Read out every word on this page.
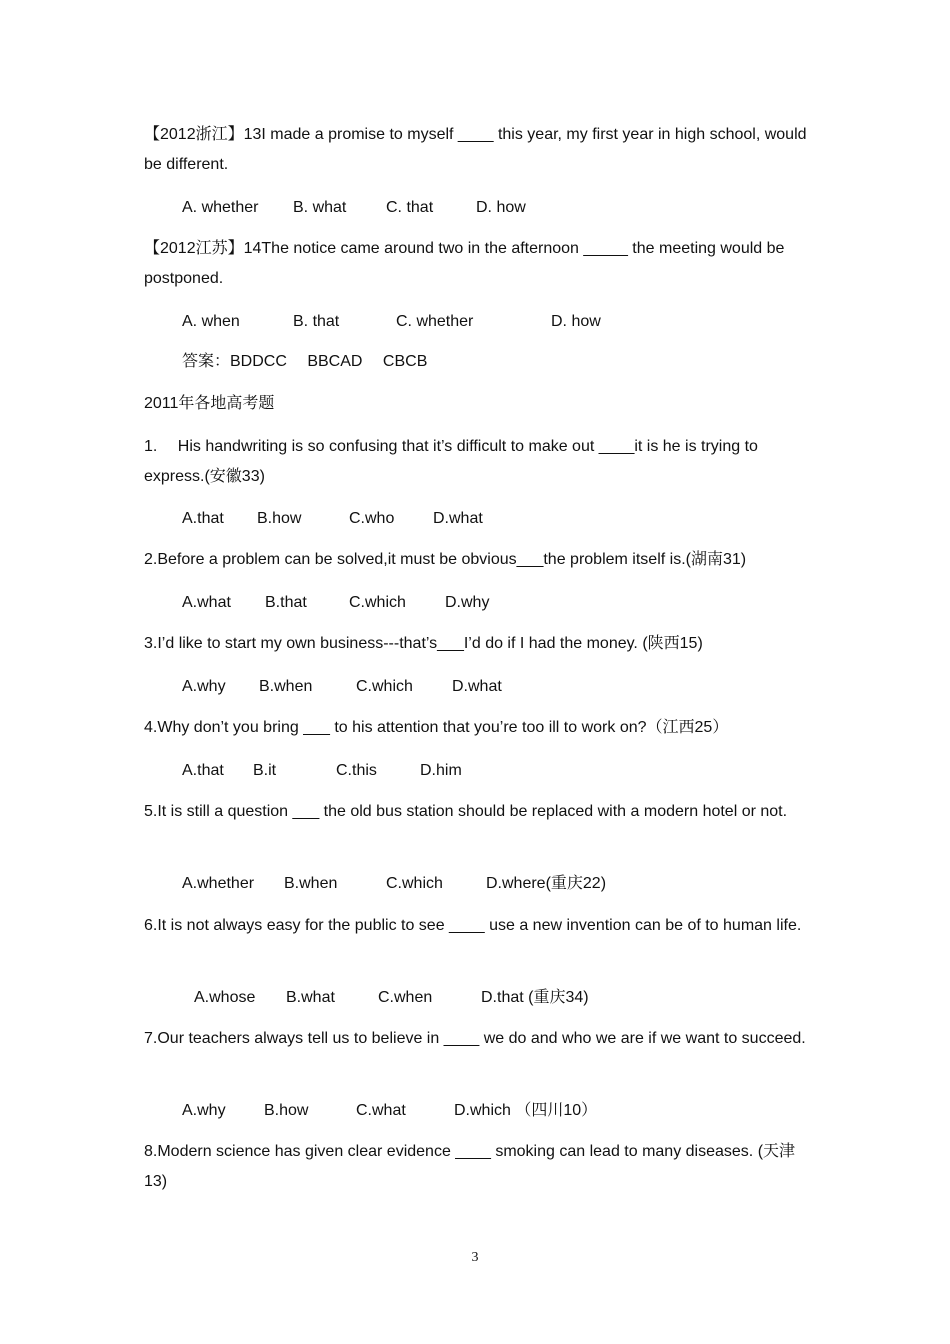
【2012浙江】13I made a promise to myself ____ this year, my first year in high school, would be different.
A. whether B. what C. that	D. how
【2012江苏】14The notice came around two in the afternoon _____ the meeting would be postponed.
A. when	B. that	C. whether	D. how
答案：BDDCC　 BBCAD　 CBCB
2011年各地高考题
1.　 His handwriting is so confusing that it’s difficult to make out ____it is he is trying to express.(安徽33)
A.that B.how	C.who D.what
2.Before a problem can be solved,it must be obvious___the problem itself is.(湖南31)
A.what B.that	C.which D.why
3.I’d like to start my own business---that’s___I’d do if I had the money. (陕西15)
A.why B.when	C.which D.what
4.Why don’t you bring ___ to his attention that you’re too ill to work on?（江西25）
A.that B.it	C.this	D.him
5.It is still a question ___ the old bus station should be replaced with a modern hotel or not.
A.whether B.when	C.which	D.where(重庆22)
6.It is not always easy for the public to see ____ use a new invention can be of to human life.
A.whose B.what	C.when	D.that (重庆34)
7.Our teachers always tell us to believe in ____ we do and who we are if we want to succeed.
A.why B.how	C.what	D.which （四川10）
8.Modern science has given clear evidence ____ smoking can lead to many diseases. (天津13)
3
